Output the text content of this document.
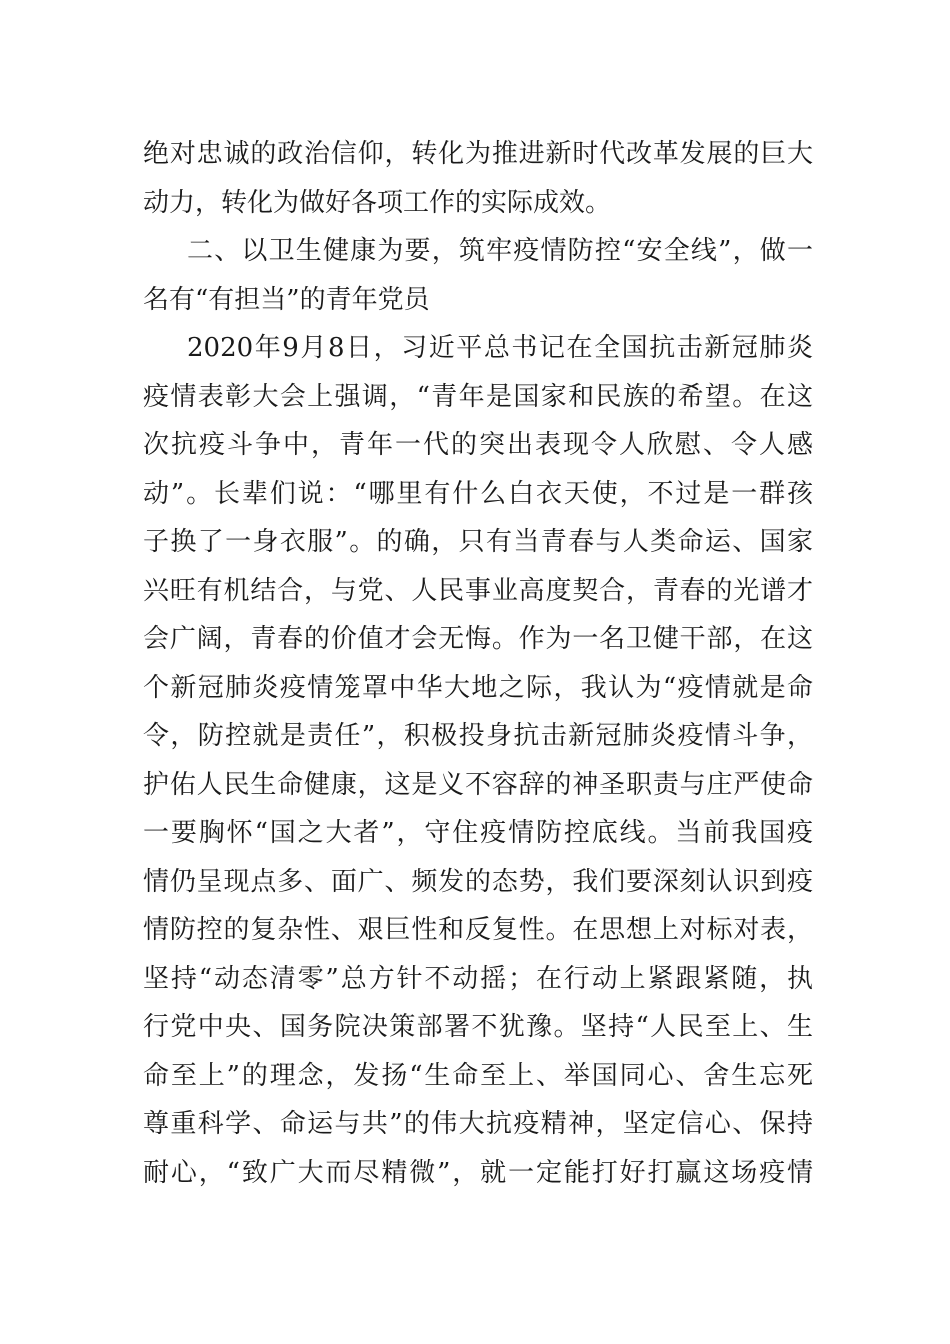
绝对忠诚的政治信仰，转化为推进新时代改革发展的巨大
动力，转化为做好各项工作的实际成效。
二、以卫生健康为要，筑牢疫情防控“安全线”，做一
名有“有担当”的青年党员
2020年9月8日，习近平总书记在全国抗击新冠肺炎
疫情表彰大会上强调，“青年是国家和民族的希望。在这
次抗疫斗争中，青年一代的突出表现令人欣慰、令人感
动”。长辈们说：“哪里有什么白衣天使，不过是一群孩
子换了一身衣服”。的确，只有当青春与人类命运、国家
兴旺有机结合，与党、人民事业高度契合，青春的光谱才
会广阔，青春的价值才会无悔。作为一名卫健干部，在这
个新冠肺炎疫情笼罩中华大地之际，我认为“疫情就是命
令，防控就是责任”，积极投身抗击新冠肺炎疫情斗争，
护佑人民生命健康，这是义不容辞的神圣职责与庄严使命
一要胸怀“国之大者”，守住疫情防控底线。当前我国疫
情仍呈现点多、面广、频发的态势，我们要深刻认识到疫
情防控的复杂性、艰巨性和反复性。在思想上对标对表，
坚持“动态清零”总方针不动摇；在行动上紧跟紧随，执
行党中央、国务院决策部署不犹豫。坚持“人民至上、生
命至上”的理念，发扬“生命至上、举国同心、舍生忘死
尊重科学、命运与共”的伟大抗疫精神，坚定信心、保持
耐心，“致广大而尽精微”，就一定能打好打赢这场疫情
